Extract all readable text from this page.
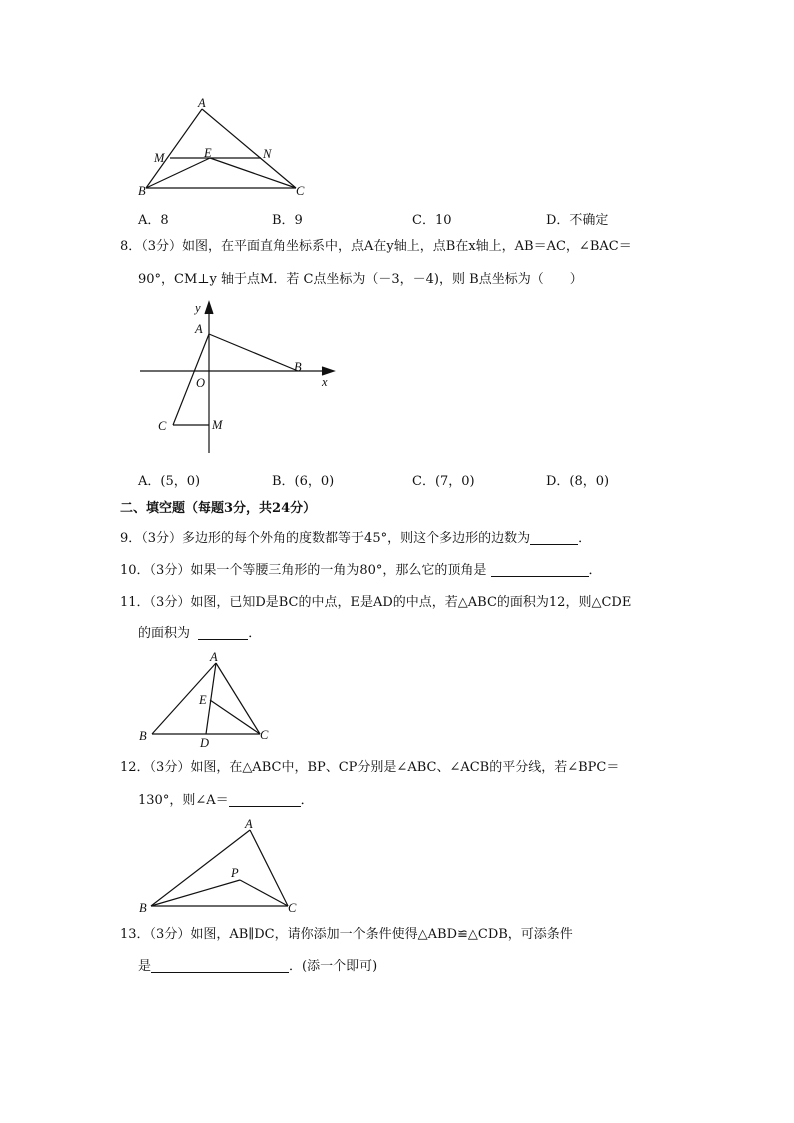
A
M	E	N
B	C
A．8	B．9	C．10	D．不确定
8．（3分）如图，在平面直角坐标系中，点A在y轴上，点B在x轴上，AB＝AC，∠BAC＝
90°，CM⊥y 轴于点M．若 C点坐标为（－3，－4)，则 B点坐标为（　　）
y
A
O
B
x
C	M
A．(5，0)	B．(6，0)	C．(7，0)	D．(8，0)
二、填空题（每题3分，共24分）
9．（3分）多边形的每个外角的度数都等于45°，则这个多边形的边数为	．
10．（3分）如果一个等腰三角形的一角为80°，那么它的顶角是	．
11．（3分）如图，已知D是BC的中点，E是AD的中点，若△ABC的面积为12，则△CDE
的面积为	．
A
E
B	D
C
12．（3分）如图，在△ABC中，BP、CP分别是∠ABC、∠ACB的平分线，若∠BPC＝
130°，则∠A＝	．
A
P
B	C
13．（3分）如图，AB∥DC，请你添加一个条件使得△ABD≌△CDB，可添条件
是	．(添一个即可)
